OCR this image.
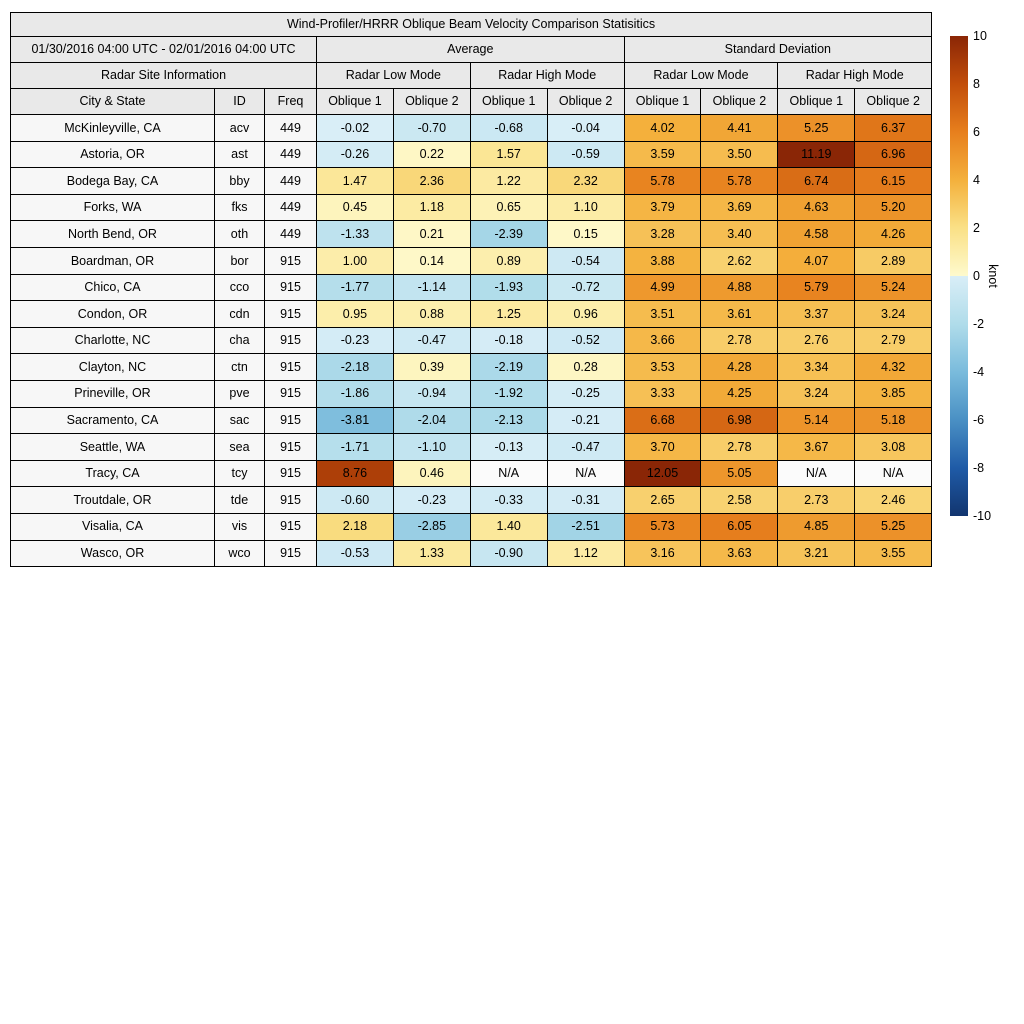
Wind-Profiler/HRRR Oblique Beam Velocity Comparison Statisitics										
01/30/2016 04:00 UTC - 02/01/2016 04:00 UTC			Average				Standard Deviation			
Radar Site Information			Radar Low Mode		Radar High Mode		Radar Low Mode		Radar High Mode	
City & State	ID	Freq	Oblique 1	Oblique 2	Oblique 1	Oblique 2	Oblique 1	Oblique 2	Oblique 1	Oblique 2
McKinleyville, CA	acv	449	-0.02	-0.70	-0.68	-0.04	4.02	4.41	5.25	6.37
Astoria, OR	ast	449	-0.26	0.22	1.57	-0.59	3.59	3.50	11.19	6.96
Bodega Bay, CA	bby	449	1.47	2.36	1.22	2.32	5.78	5.78	6.74	6.15
Forks, WA	fks	449	0.45	1.18	0.65	1.10	3.79	3.69	4.63	5.20
North Bend, OR	oth	449	-1.33	0.21	-2.39	0.15	3.28	3.40	4.58	4.26
Boardman, OR	bor	915	1.00	0.14	0.89	-0.54	3.88	2.62	4.07	2.89
Chico, CA	cco	915	-1.77	-1.14	-1.93	-0.72	4.99	4.88	5.79	5.24
Condon, OR	cdn	915	0.95	0.88	1.25	0.96	3.51	3.61	3.37	3.24
Charlotte, NC	cha	915	-0.23	-0.47	-0.18	-0.52	3.66	2.78	2.76	2.79
Clayton, NC	ctn	915	-2.18	0.39	-2.19	0.28	3.53	4.28	3.34	4.32
Prineville, OR	pve	915	-1.86	-0.94	-1.92	-0.25	3.33	4.25	3.24	3.85
Sacramento, CA	sac	915	-3.81	-2.04	-2.13	-0.21	6.68	6.98	5.14	5.18
Seattle, WA	sea	915	-1.71	-1.10	-0.13	-0.47	3.70	2.78	3.67	3.08
Tracy, CA	tcy	915	8.76	0.46	N/A	N/A	12.05	5.05	N/A	N/A
Troutdale, OR	tde	915	-0.60	-0.23	-0.33	-0.31	2.65	2.58	2.73	2.46
Visalia, CA	vis	915	2.18	-2.85	1.40	-2.51	5.73	6.05	4.85	5.25
Wasco, OR	wco	915	-0.53	1.33	-0.90	1.12	3.16	3.63	3.21	3.55
10
8
6
4
2
0
-2
-4
-6
-8
-10
knot
